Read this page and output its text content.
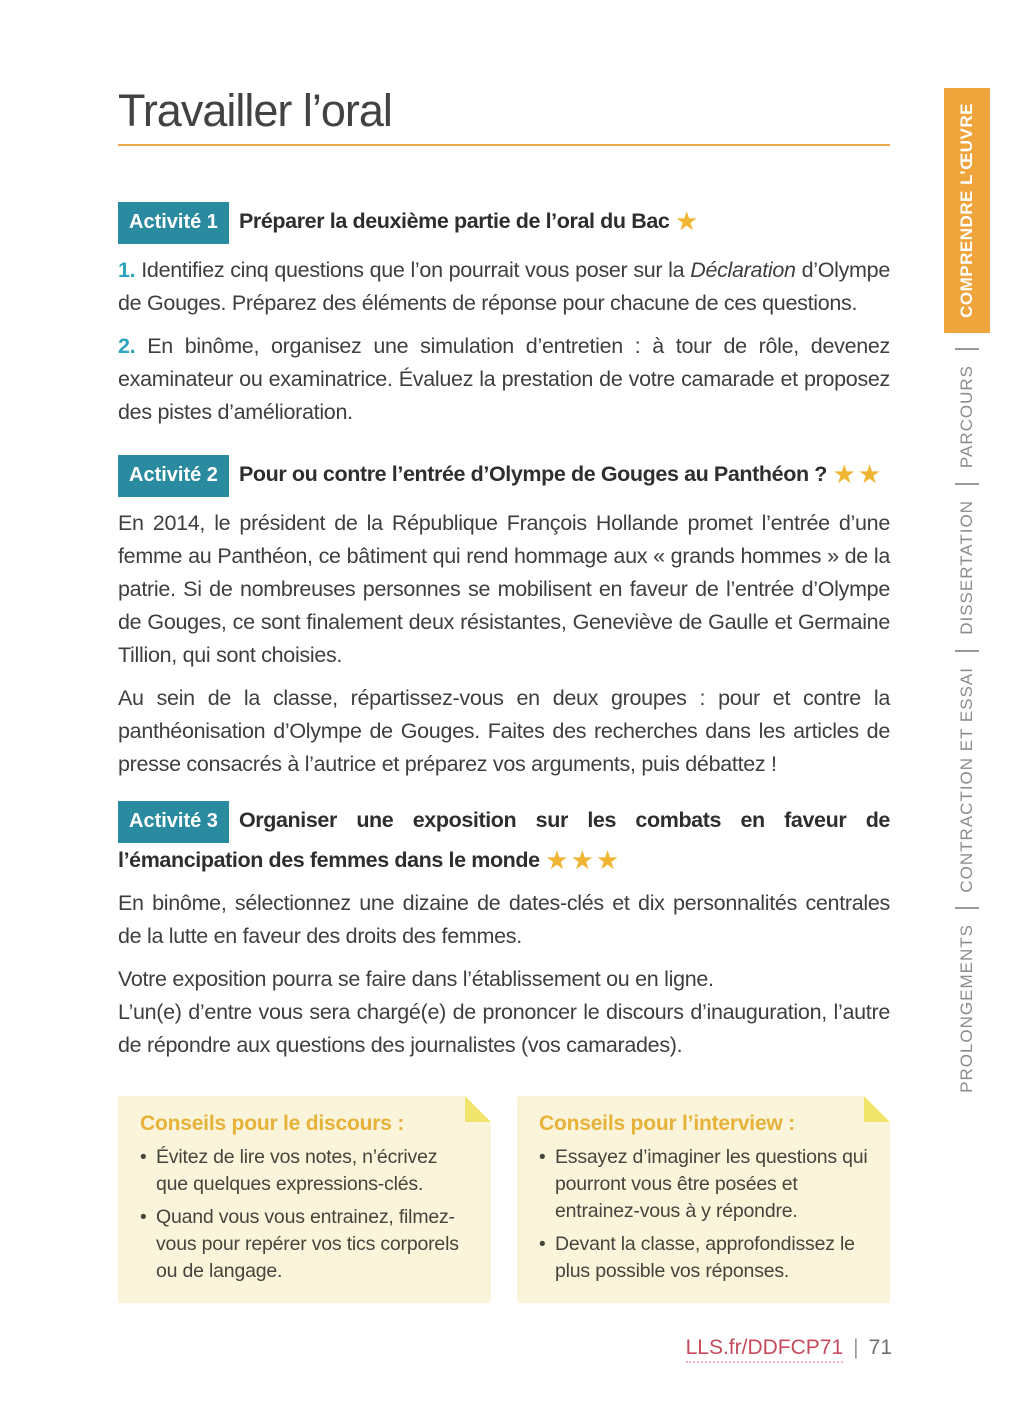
Travailler l’oral
Activité 1 Préparer la deuxième partie de l’oral du Bac ★

1. Identifiez cinq questions que l’on pourrait vous poser sur la Déclaration d’Olympe de Gouges. Préparez des éléments de réponse pour chacune de ces questions.

2. En binôme, organisez une simulation d’entretien : à tour de rôle, devenez examinateur ou examinatrice. Évaluez la prestation de votre camarade et proposez des pistes d’amélioration.

Activité 2 Pour ou contre l’entrée d’Olympe de Gouges au Panthéon ? ★★

En 2014, le président de la République François Hollande promet l’entrée d’une femme au Panthéon, ce bâtiment qui rend hommage aux « grands hommes » de la patrie. Si de nombreuses personnes se mobilisent en faveur de l’entrée d’Olympe de Gouges, ce sont finalement deux résistantes, Geneviève de Gaulle et Germaine Tillion, qui sont choisies.

Au sein de la classe, répartissez-vous en deux groupes : pour et contre la panthéonisation d’Olympe de Gouges. Faites des recherches dans les articles de presse consacrés à l’autrice et préparez vos arguments, puis débattez !

Activité 3 Organiser une exposition sur les combats en faveur de l’émancipation des femmes dans le monde ★★★

En binôme, sélectionnez une dizaine de dates-clés et dix personnalités centrales de la lutte en faveur des droits des femmes.

Votre exposition pourra se faire dans l’établissement ou en ligne.

L’un(e) d’entre vous sera chargé(e) de prononcer le discours d’inauguration, l’autre de répondre aux questions des journalistes (vos camarades).

Conseils pour le discours :
• Évitez de lire vos notes, n’écrivez que quelques expressions-clés.
• Quand vous vous entrainez, filmez-vous pour repérer vos tics corporels ou de langage.
Conseils pour l’interview :
• Essayez d’imaginer les questions qui pourront vous être posées et entrainez-vous à y répondre.
• Devant la classe, approfondissez le plus possible vos réponses.
COMPRENDRE L’ŒUVRE
PARCOURS
DISSERTATION
CONTRACTION ET ESSAI
PROLONGEMENTS
LLS.fr/DDFCP71 | 71
